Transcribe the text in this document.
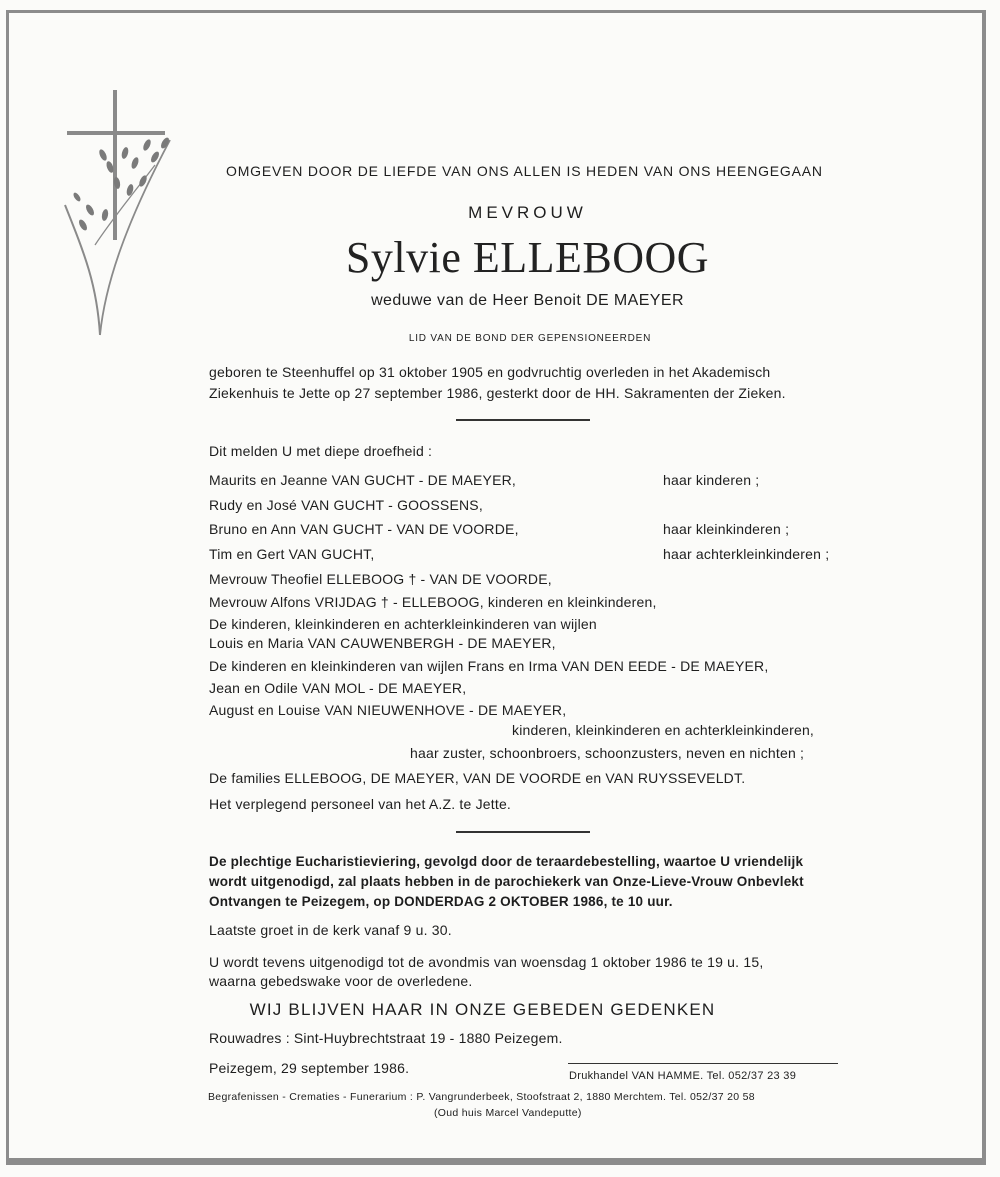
OMGEVEN DOOR DE LIEFDE VAN ONS ALLEN IS HEDEN VAN ONS HEENGEGAAN
MEVROUW
Sylvie ELLEBOOG
weduwe van de Heer Benoit DE MAEYER
LID VAN DE BOND DER GEPENSIONEERDEN
geboren te Steenhuffel op 31 oktober 1905 en godvruchtig overleden in het Akademisch
Ziekenhuis te Jette op 27 september 1986, gesterkt door de HH. Sakramenten der Zieken.
Dit melden U met diepe droefheid :
Maurits en Jeanne VAN GUCHT - DE MAEYER,	haar kinderen ;
Rudy en José VAN GUCHT - GOOSSENS,
Bruno en Ann VAN GUCHT - VAN DE VOORDE,	haar kleinkinderen ;
Tim en Gert VAN GUCHT,	haar achterkleinkinderen ;
Mevrouw Theofiel ELLEBOOG † - VAN DE VOORDE,
Mevrouw Alfons VRIJDAG † - ELLEBOOG, kinderen en kleinkinderen,
De kinderen, kleinkinderen en achterkleinkinderen van wijlen
Louis en Maria VAN CAUWENBERGH - DE MAEYER,
De kinderen en kleinkinderen van wijlen Frans en Irma VAN DEN EEDE - DE MAEYER,
Jean en Odile VAN MOL - DE MAEYER,
August en Louise VAN NIEUWENHOVE - DE MAEYER,
kinderen, kleinkinderen en achterkleinkinderen,
haar zuster, schoonbroers, schoonzusters, neven en nichten ;
De families ELLEBOOG, DE MAEYER, VAN DE VOORDE en VAN RUYSSEVELDT.
Het verplegend personeel van het A.Z. te Jette.
De plechtige Eucharistieviering, gevolgd door de teraardebestelling, waartoe U vriendelijk
wordt uitgenodigd, zal plaats hebben in de parochiekerk van Onze-Lieve-Vrouw Onbevlekt
Ontvangen te Peizegem, op DONDERDAG 2 OKTOBER 1986, te 10 uur.
Laatste groet in de kerk vanaf 9 u. 30.
U wordt tevens uitgenodigd tot de avondmis van woensdag 1 oktober 1986 te 19 u. 15,
waarna gebedswake voor de overledene.
WIJ BLIJVEN HAAR IN ONZE GEBEDEN GEDENKEN
Rouwadres : Sint-Huybrechtstraat 19 - 1880 Peizegem.
Peizegem, 29 september 1986.	Drukhandel VAN HAMME. Tel. 052/37 23 39
Begrafenissen - Crematies - Funerarium : P. Vangrunderbeek, Stoofstraat 2, 1880 Merchtem. Tel. 052/37 20 58
(Oud huis Marcel Vandeputte)
